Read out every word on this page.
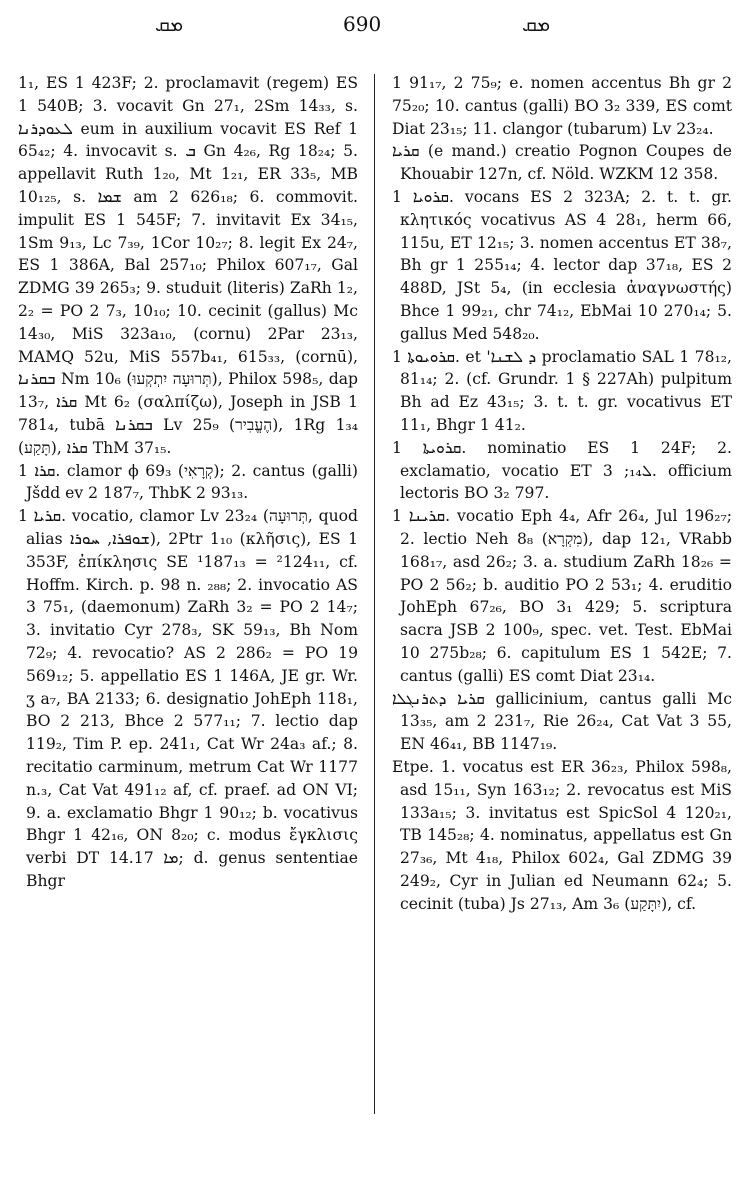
ܡܩ	690	ܡܩ

1₁, ES 1 423F; 2. proclamavit (regem) ES 1 540B; 3. vocavit Gn 27₁, 2Sm 14₃₃, s. ܠܥܘܕܪܢܐ eum in auxilium vocavit ES Ref 1 65₄₂; 4. invocavit s. ܒ Gn 4₂₆, Rg 18₂₄; 5. appellavit Ruth 1₂₀, Mt 1₂₁, ER 33₅, MB 10₁₂₅, s. ܫܡܐ am 2 626₁₈; 6. commovit. impulit ES 1 545F; 7. invitavit Ex 34₁₅, 1Sm 9₁₃, Lc 7₃₉, 1Cor 10₂₇; 8. legit Ex 24₇, ES 1 386A, Bal 257₁₀; Philox 607₁₇, Gal ZDMG 39 265₃; 9. studuit (literis) ZaRh 1₂, 2₂ = PO 2 7₃, 10₁₀; 10. cecinit (gallus) Mc 14₃₀, MiS 323a₁₀, (cornu) 2Par 23₁₃, MAMQ 52u, MiS 557b₄₁, 615₃₃, (cornū), ܒܩܪܢܐ Nm 10₆ (תְּרוּעָה יִתְקְעוּ), Philox 598₅, dap 13₇, ܩܪܐ Mt 6₂ (σαλπίζω), Joseph in JSB 1 781₄, tubā ܒܩܪܢܐ Lv 25₉ (הֶעֱבִיר), 1Rg 1₃₄ (תָּקַע), ܩܪܐ ThM 37₁₅.

ܩܪܐ 1. clamor ϕ 69₃ (קְרָאִי); 2. cantus (galli) Jšdd ev 2 187₇, ThbK 2 93₁₃.

ܩܪܝܐ 1. vocatio, clamor Lv 23₂₄ (תְּרוּעָה, quod alias ܫܘܦܪܐ, ܚܘܪܐ), 2Ptr 1₁₀ (κλῆσις), ES 1 353F, ἐπίκλησις SE ¹187₁₃ = ²124₁₁, cf. Hoffm. Kirch. p. 98 n. ₂₈₈; 2. invocatio AS 3 75₁, (daemonum) ZaRh 3₂ = PO 2 14₇; 3. invitatio Cyr 278₃, SK 59₁₃, Bh Nom 72₉; 4. revocatio? AS 2 286₂ = PO 19 569₁₂; 5. appellatio ES 1 146A, JE gr. Wr. ʒ a₇, BA 2133; 6. designatio JohEph 118₁, BO 2 213, Bhce 2 577₁₁; 7. lectio dap 119₂, Tim P. ep. 241₁, Cat Wr 24a₃ af.; 8. recitatio carminum, metrum Cat Wr 1177 n.₃, Cat Vat 491₁₂ af, cf. praef. ad ON VI; 9. a. exclamatio Bhgr 1 90₁₂; b. vocativus Bhgr 1 42₁₆, ON 8₂₀; c. modus ἔγκλισις verbi DT ܡܐ 14.17; d. genus sententiae Bhgr

1 91₁₇, 2 75₉; e. nomen accentus Bh gr 2 75₂₀; 10. cantus (galli) BO 3₂ 339, ES comt Diat 23₁₅; 11. clangor (tubarum) Lv 23₂₄.

ܩܪܝܐ (e mand.) creatio Pognon Coupes de Khouabir 127n, cf. Nöld. WZKM 12 358.

ܩܪܘܝܐ 1. vocans ES 2 323A; 2. t. t. gr. κλητικός vocativus AS 4 28₁, herm 66, 115u, ET 12₁₅; 3. nomen accentus ET 38₇, Bh gr 1 255₁₄; 4. lector dap 37₁₈, ES 2 488D, JSt 5₄, (in ecclesia ἀναγνωστής) Bhce 1 99₂₁, chr 74₁₂, EbMai 10 270₁₄; 5. gallus Med 548₂₀.

ܩܪܘܝܘܬܐ 1. et 'ܕ ܠܫܢܐ proclamatio SAL 1 78₁₂, 81₁₄; 2. (cf. Grundr. 1 § 227Ah) pulpitum Bh ad Ez 43₁₅; 3. t. t. gr. vocativus ET 11₁, Bhgr 1 41₂.

ܩܪܘܝܬܐ 1. nominatio ES 1 24F; 2. exclamatio, vocatio ET ܠ₁₄; 3. officium lectoris BO 3₂ 797.

ܩܪܝܢܐ 1. vocatio Eph 4₄, Afr 26₄, Jul 196₂₇; 2. lectio Neh 8₈ (מִקְרָא), dap 12₁, VRabb 168₁₇, asd 26₂; 3. a. studium ZaRh 18₂₆ = PO 2 56₂; b. auditio PO 2 53₁; 4. eruditio JohEph 67₂₆, BO 3₁ 429; 5. scriptura sacra JSB 2 100₉, spec. vet. Test. EbMai 10 275b₂₈; 6. capitulum ES 1 542E; 7. cantus (galli) ES comt Diat 23₁₄.

ܩܪܝܐ ܕܬܪܢܓܠܐ gallicinium, cantus galli Mc 13₃₅, am 2 231₇, Rie 26₂₄, Cat Vat 3 55, EN 46₄₁, BB 1147₁₉.

Etpe. 1. vocatus est ER 36₂₃, Philox 598₈, asd 15₁₁, Syn 163₁₂; 2. revocatus est MiS 133a₁₅; 3. invitatus est SpicSol 4 120₂₁, TB 145₂₈; 4. nominatus, appellatus est Gn 27₃₆, Mt 4₁₈, Philox 602₄, Gal ZDMG 39 249₂, Cyr in Julian ed Neumann 62₄; 5. cecinit (tuba) Js 27₁₃, Am 3₆ (יִתָּקַע), cf.
